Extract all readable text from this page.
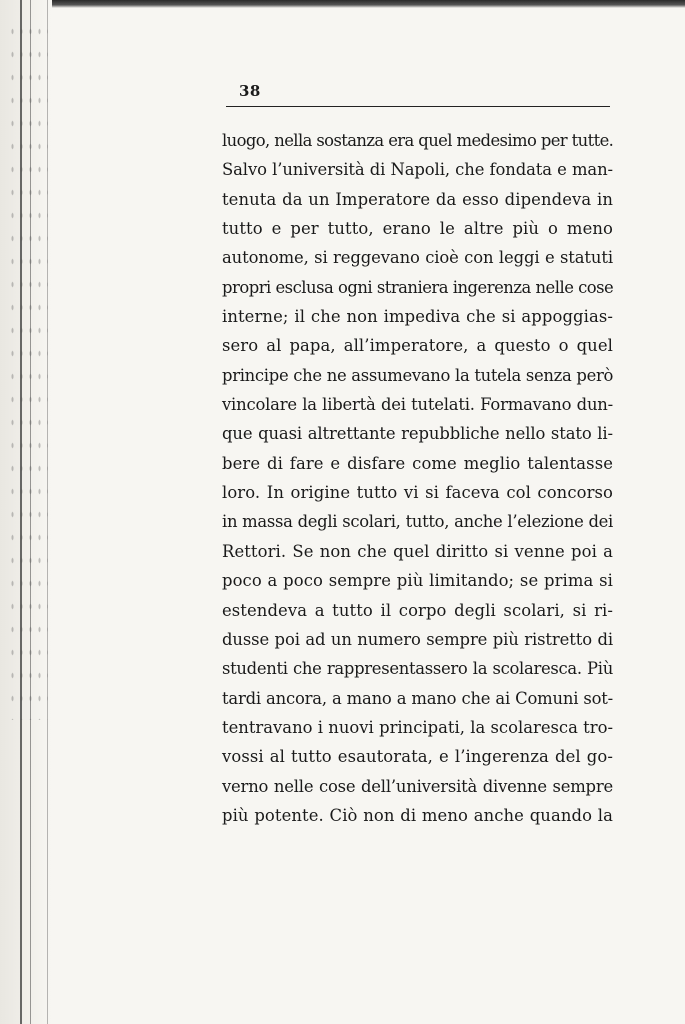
38
luogo, nella sostanza era quel medesimo per tutte.
Salvo l’università di Napoli, che fondata e man-
tenuta da un Imperatore da esso dipendeva in
tutto e per tutto, erano le altre più o meno
autonome, si reggevano cioè con leggi e statuti
propri esclusa ogni straniera ingerenza nelle cose
interne; il che non impediva che si appoggias-
sero al papa, all’imperatore, a questo o quel
principe che ne assumevano la tutela senza però
vincolare la libertà dei tutelati. Formavano dun-
que quasi altrettante repubbliche nello stato li-
bere di fare e disfare come meglio talentasse
loro. In origine tutto vi si faceva col concorso
in massa degli scolari, tutto, anche l’elezione dei
Rettori. Se non che quel diritto si venne poi a
poco a poco sempre più limitando; se prima si
estendeva a tutto il corpo degli scolari, si ri-
dusse poi ad un numero sempre più ristretto di
studenti che rappresentassero la scolaresca. Più
tardi ancora, a mano a mano che ai Comuni sot-
tentravano i nuovi principati, la scolaresca tro-
vossi al tutto esautorata, e l’ingerenza del go-
verno nelle cose dell’università divenne sempre
più potente. Ciò non di meno anche quando la
